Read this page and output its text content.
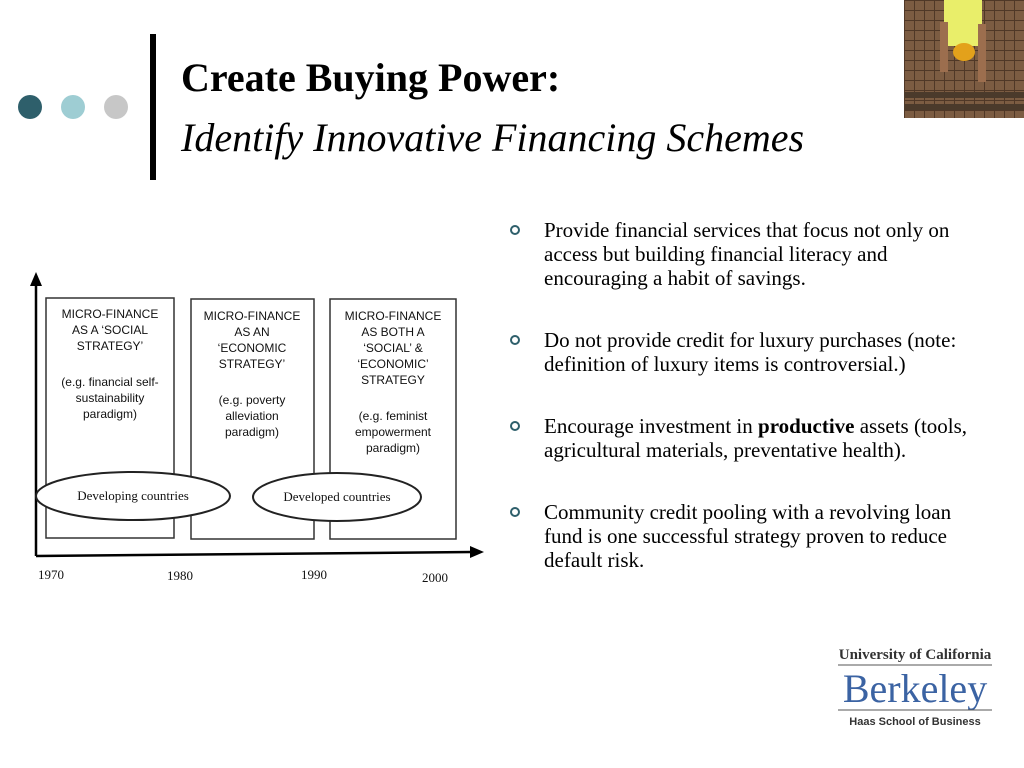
Create Buying Power:
Identify Innovative Financing Schemes
Provide financial services that focus not only on access but building financial literacy and encouraging a habit of savings.
Do not provide credit for luxury purchases (note: definition of luxury items is controversial.)
Encourage investment in productive assets (tools, agricultural materials, preventative health).
Community credit pooling with a revolving loan fund is one successful strategy proven to reduce default risk.
MICRO-FINANCE
AS A ‘SOCIAL
STRATEGY’
(e.g. financial self-
sustainability
paradigm)
MICRO-FINANCE
AS AN
‘ECONOMIC
STRATEGY’
(e.g. poverty
alleviation
paradigm)
MICRO-FINANCE
AS BOTH A
‘SOCIAL’ &
‘ECONOMIC’
STRATEGY
(e.g. feminist
empowerment
paradigm)
Developing countries	Developed countries
1970	1980	1990	2000
University of California
Berkeley
Haas School of Business
